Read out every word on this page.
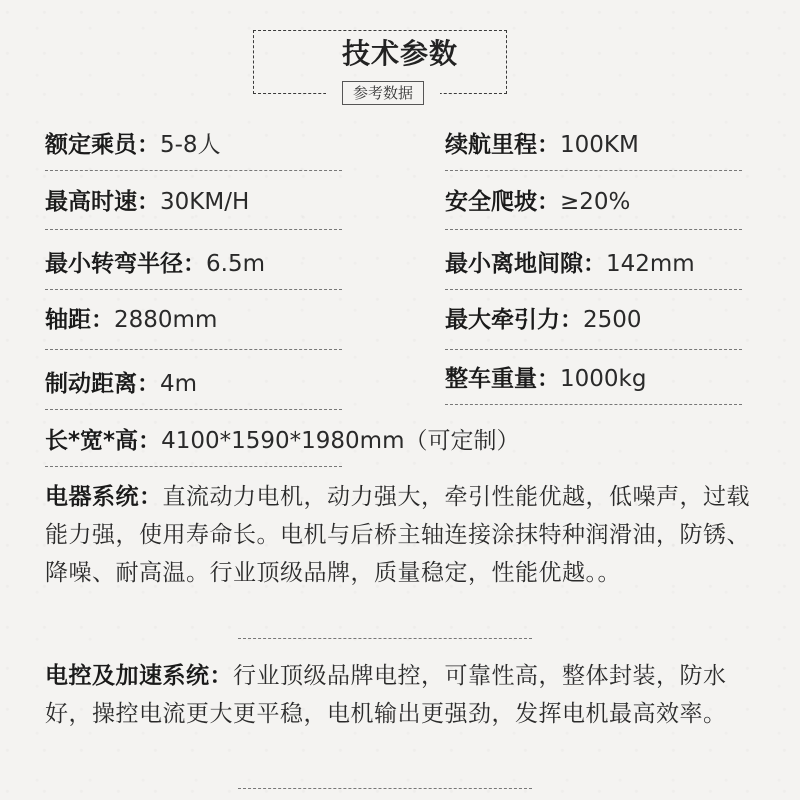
技术参数
参考数据
额定乘员：5-8人	续航里程：100KM
最高时速：30KM/H	安全爬坡：≥20%
最小转弯半径：6.5m	最小离地间隙：142mm
轴距：2880mm	最大牵引力：2500
制动距离：4m	整车重量：1000kg
长*宽*高：4100*1590*1980mm（可定制）
电器系统：直流动力电机，动力强大，牵引性能优越，低噪声，过载能力强，使用寿命长。电机与后桥主轴连接涂抹特种润滑油，防锈、降噪、耐高温。行业顶级品牌，质量稳定，性能优越。。
电控及加速系统：行业顶级品牌电控，可靠性高，整体封装，防水好，操控电流更大更平稳，电机输出更强劲，发挥电机最高效率。
